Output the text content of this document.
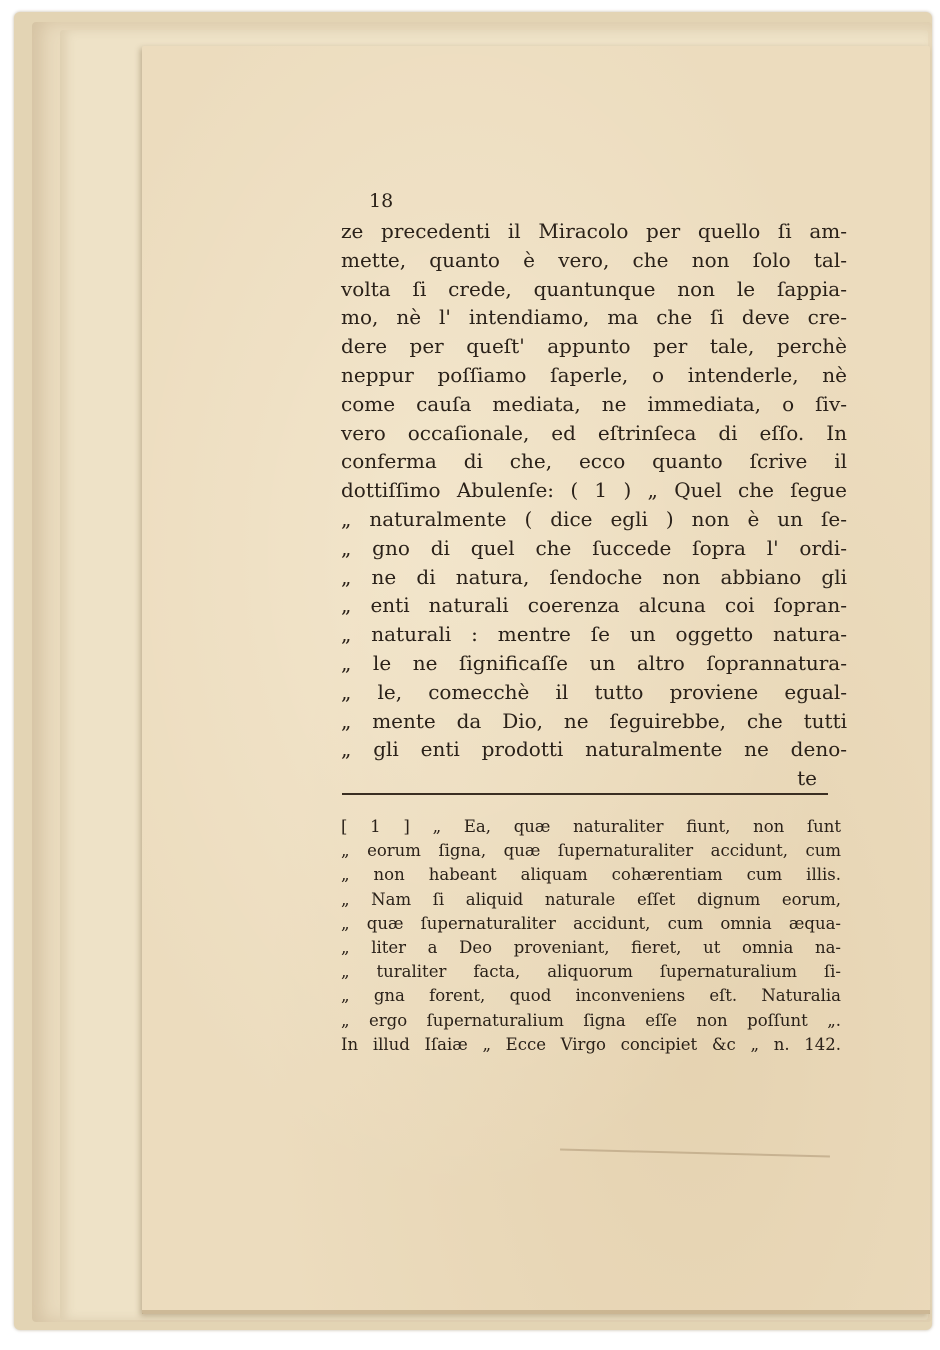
18
ze precedenti il Miracolo per quello ſi am-
mette, quanto è vero, che non ſolo tal-
volta ſi crede, quantunque non le ſappia-
mo, nè l' intendiamo, ma che ſi deve cre-
dere per queſt' appunto per tale, perchè
neppur poſſiamo ſaperle, o intenderle, nè
come cauſa mediata, ne immediata, o ſiv-
vero occaſionale, ed eſtrinſeca di eſſo. In
conferma di che, ecco quanto ſcrive il
dottiſſimo Abulenſe: ( 1 ) „ Quel che ſegue
„ naturalmente ( dice egli ) non è un ſe-
„ gno di quel che ſuccede ſopra l' ordi-
„ ne di natura, ſendoche non abbiano gli
„ enti naturali coerenza alcuna coi ſopran-
„ naturali : mentre ſe un oggetto natura-
„ le ne ſignificaſſe un altro ſoprannatura-
„ le, comecchè il tutto proviene egual-
„ mente da Dio, ne ſeguirebbe, che tutti
„ gli enti prodotti naturalmente ne deno-
te
[ 1 ] „ Ea, quæ naturaliter fiunt, non ſunt
„ eorum ſigna, quæ ſupernaturaliter accidunt, cum
„ non habeant aliquam cohærentiam cum illis.
„ Nam ſi aliquid naturale eſſet dignum eorum,
„ quæ ſupernaturaliter accidunt, cum omnia æqua-
„ liter a Deo proveniant, fieret, ut omnia na-
„ turaliter facta, aliquorum ſupernaturalium ſi-
„ gna forent, quod inconveniens eſt. Naturalia
„ ergo ſupernaturalium ſigna eſſe non poſſunt „.
In illud Iſaiæ „ Ecce Virgo concipiet &c „ n. 142.
